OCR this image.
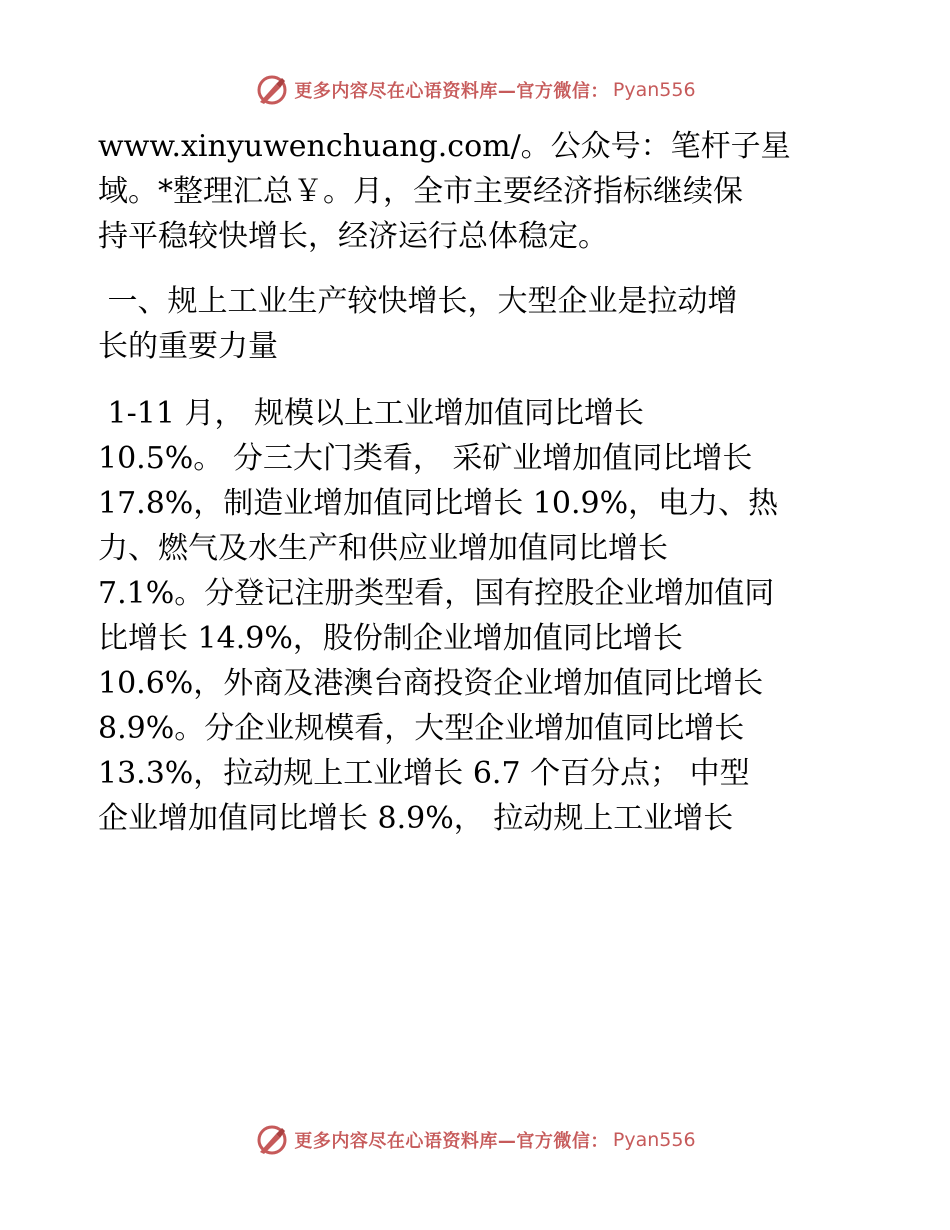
更多内容尽在心语资料库—官方微信： Pyan556
www.xinyuwenchuang.com/。公众号：笔杆子星
域。*整理汇总￥。月，全市主要经济指标继续保
持平稳较快增长，经济运行总体稳定。
一、规上工业生产较快增长，大型企业是拉动增
长的重要力量
1-11 月， 规模以上工业增加值同比增长
10.5%。 分三大门类看， 采矿业增加值同比增长
17.8%，制造业增加值同比增长 10.9%，电力、热
力、燃气及水生产和供应业增加值同比增长
7.1%。分登记注册类型看，国有控股企业增加值同
比增长 14.9%，股份制企业增加值同比增长
10.6%，外商及港澳台商投资企业增加值同比增长
8.9%。分企业规模看，大型企业增加值同比增长
13.3%，拉动规上工业增长 6.7 个百分点； 中型
企业增加值同比增长 8.9%， 拉动规上工业增长
更多内容尽在心语资料库—官方微信： Pyan556
